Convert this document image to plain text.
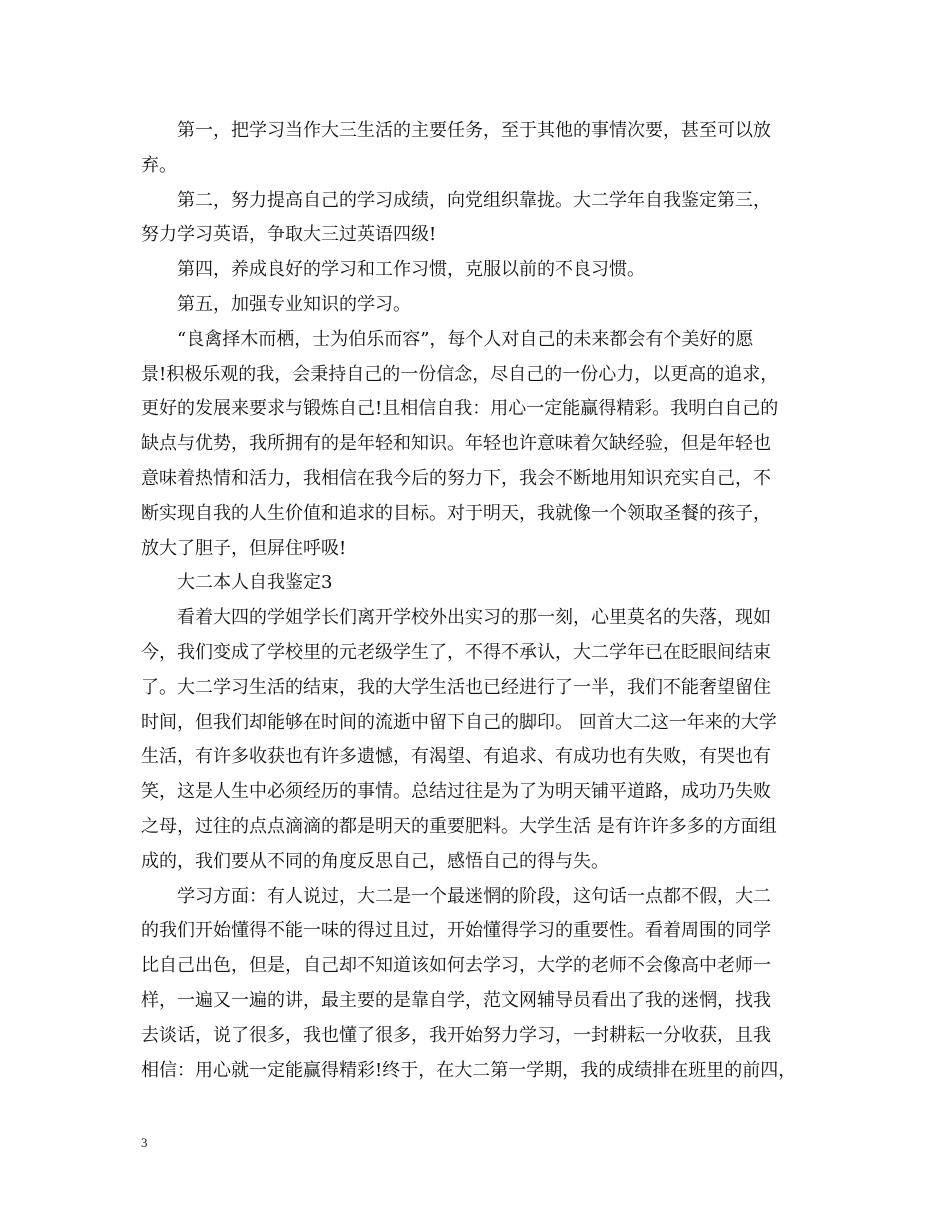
　　第一，把学习当作大三生活的主要任务，至于其他的事情次要，甚至可以放
弃。
　　第二，努力提高自己的学习成绩，向党组织靠拢。大二学年自我鉴定第三，
努力学习英语，争取大三过英语四级!
　　第四，养成良好的学习和工作习惯，克服以前的不良习惯。
　　第五，加强专业知识的学习。
　　“良禽择木而栖，士为伯乐而容”，每个人对自己的未来都会有个美好的愿
景!积极乐观的我，会秉持自己的一份信念，尽自己的一份心力，以更高的追求，
更好的发展来要求与锻炼自己!且相信自我：用心一定能赢得精彩。我明白自己的
缺点与优势，我所拥有的是年轻和知识。年轻也许意味着欠缺经验，但是年轻也
意味着热情和活力，我相信在我今后的努力下，我会不断地用知识充实自己，不
断实现自我的人生价值和追求的目标。对于明天，我就像一个领取圣餐的孩子，
放大了胆子，但屏住呼吸!
　　大二本人自我鉴定3
　　看着大四的学姐学长们离开学校外出实习的那一刻，心里莫名的失落，现如
今，我们变成了学校里的元老级学生了，不得不承认，大二学年已在眨眼间结束
了。大二学习生活的结束，我的大学生活也已经进行了一半，我们不能奢望留住
时间，但我们却能够在时间的流逝中留下自己的脚印。 回首大二这一年来的大学
生活，有许多收获也有许多遗憾，有渴望、有追求、有成功也有失败，有哭也有
笑，这是人生中必须经历的事情。总结过往是为了为明天铺平道路，成功乃失败
之母，过往的点点滴滴的都是明天的重要肥料。大学生活 是有许许多多的方面组
成的，我们要从不同的角度反思自己，感悟自己的得与失。
　　学习方面：有人说过，大二是一个最迷惘的阶段，这句话一点都不假，大二
的我们开始懂得不能一味的得过且过，开始懂得学习的重要性。看着周围的同学
比自己出色，但是，自己却不知道该如何去学习，大学的老师不会像高中老师一
样，一遍又一遍的讲，最主要的是靠自学，范文网辅导员看出了我的迷惘，找我
去谈话，说了很多，我也懂了很多，我开始努力学习，一封耕耘一分收获，且我
相信：用心就一定能赢得精彩!终于，在大二第一学期，我的成绩排在班里的前四，
3
